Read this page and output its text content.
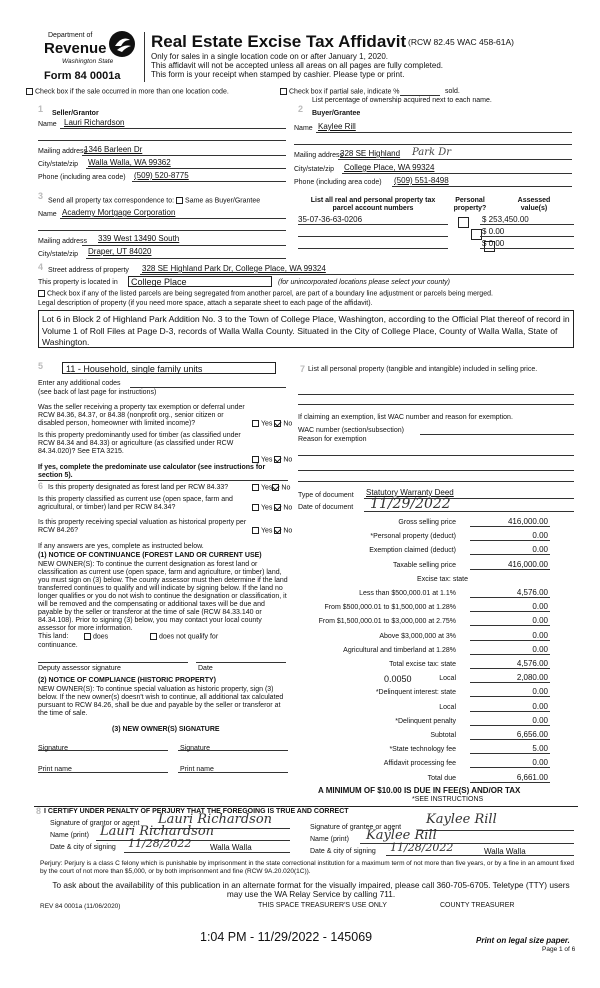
Department of
Revenue
Washington State
Form 84 0001a
Real Estate Excise Tax Affidavit (RCW 82.45 WAC 458-61A)
Only for sales in a single location code on or after January 1, 2020.
This affidavit will not be accepted unless all areas on all pages are fully completed.
This form is your receipt when stamped by cashier. Please type or print.
Check box if the sale occurred in more than one location code.	Check box if partial sale, indicate %	sold.
List percentage of ownership acquired next to each name.
1 Seller/Grantor
Name Lauri Richardson
Mailing address
1346 Barleen Dr
City/state/zip Walla Walla, WA 99362
Phone (including area code) (509) 520-8775
2 Buyer/Grantee
Name Kaylee Rill
Mailing address
328 SE Highland Park Dr
City/state/zip College Place, WA 99324
Phone (including area code) (509) 551-8498
3 Send all property tax correspondence to: Same as Buyer/Grantee
Name Academy Mortgage Corporation
Mailing address 339 West 13490 South
City/state/zip Draper, UT 84020
List all real and personal property tax
parcel account numbers
Personal
property?
Assessed
value(s)
35-07-36-63-0206	$ 253,450.00
$ 0.00
$ 0.00
4 Street address of property 328 SE Highland Park Dr, College Place, WA 99324
This property is located in	College Place	(for unincorporated locations please select your county)
Check box if any of the listed parcels are being segregated from another parcel, are part of a boundary line adjustment or parcels being merged.
Legal description of property (if you need more space, attach a separate sheet to each page of the affidavit).
Lot 6 in Block 2 of Highland Park Addition No. 3 to the Town of College Place, Washington, according to the Official Plat thereof of record in Volume 1 of Roll Files at Page D-3, records of Walla Walla County. Situated in the City of College Place, County of Walla Walla, State of Washington.
5	11 - Household, single family units
Enter any additional codes
(see back of last page for instructions)
Was the seller receiving a property tax exemption or deferral under RCW 84.36, 84.37, or 84.38 (nonprofit org., senior citizen or disabled person, homeowner with limited income)?	Yes No
Is this property predominantly used for timber (as classified under RCW 84.34 and 84.33) or agriculture (as classified under RCW 84.34.020)? See ETA 3215.
Yes No
If yes, complete the predominate use calculator (see instructions for section 5).
6 Is this property designated as forest land per RCW 84.33?	Yes No
Is this property classified as current use (open space, farm and agricultural, or timber) land per RCW 84.34?	Yes No
Is this property receiving special valuation as historical property per RCW 84.26?	Yes No
If any answers are yes, complete as instructed below.
(1) NOTICE OF CONTINUANCE (FOREST LAND OR CURRENT USE)
NEW OWNER(S): To continue the current designation as forest land or classification as current use (open space, farm and agriculture, or timber) land, you must sign on (3) below. The county assessor must then determine if the land transferred continues to qualify and will indicate by signing below. If the land no longer qualifies or you do not wish to continue the designation or classification, it will be removed and the compensating or additional taxes will be due and payable by the seller or transferor at the time of sale (RCW 84.33.140 or 84.34.108). Prior to signing (3) below, you may contact your local county assessor for more information.
This land:	does	does not qualify for
continuance.
Deputy assessor signature	Date
(2) NOTICE OF COMPLIANCE (HISTORIC PROPERTY)
NEW OWNER(S): To continue special valuation as historic property, sign (3) below. If the new owner(s) doesn't wish to continue, all additional tax calculated pursuant to RCW 84.26, shall be due and payable by the seller or transferor at the time of sale.
(3) NEW OWNER(S) SIGNATURE
Signature	Signature
Print name	Print name
7 List all personal property (tangible and intangible) included in selling price.
If claiming an exemption, list WAC number and reason for exemption.
WAC number (section/subsection)
Reason for exemption
Type of document Statutory Warranty Deed
Date of document 11/29/2022
Gross selling price	416,000.00
*Personal property (deduct)	0.00
Exemption claimed (deduct)	0.00
Taxable selling price	416,000.00
Excise tax: state
Less than $500,000.01 at 1.1%	4,576.00
From $500,000.01 to $1,500,000 at 1.28%	0.00
From $1,500,000.01 to $3,000,000 at 2.75%	0.00
Above $3,000,000 at 3%	0.00
Agricultural and timberland at 1.28%	0.00
Total excise tax: state	4,576.00
0.0050	Local	2,080.00
*Delinquent interest: state	0.00
Local	0.00
*Delinquent penalty	0.00
Subtotal	6,656.00
*State technology fee	5.00
Affidavit processing fee	0.00
Total due	6,661.00
A MINIMUM OF $10.00 IS DUE IN FEE(S) AND/OR TAX
*SEE INSTRUCTIONS
8 I CERTIFY UNDER PENALTY OF PERJURY THAT THE FOREGOING IS TRUE AND CORRECT
Signature of grantor or agent Lauri Richardson
Name (print) Lauri Richardson
Date & city of signing 11/28/2022 Walla Walla
Signature of grantee or agent
Kaylee Rill
Name (print) Kaylee Rill
Date & city of signing 11/28/2022	Walla Walla
Perjury: Perjury is a class C felony which is punishable by imprisonment in the state correctional institution for a maximum term of not more than five years, or by a fine in an amount fixed by the court of not more than $5,000, or by both imprisonment and fine (RCW 9A.20.020(1C)).
To ask about the availability of this publication in an alternate format for the visually impaired, please call 360-705-6705. Teletype (TTY) users may use the WA Relay Service by calling 711.
REV 84 0001a (11/06/2020)	THIS SPACE TREASURER'S USE ONLY	COUNTY TREASURER
1:04 PM - 11/29/2022 - 145069	Print on legal size paper.
Page 1 of 6
